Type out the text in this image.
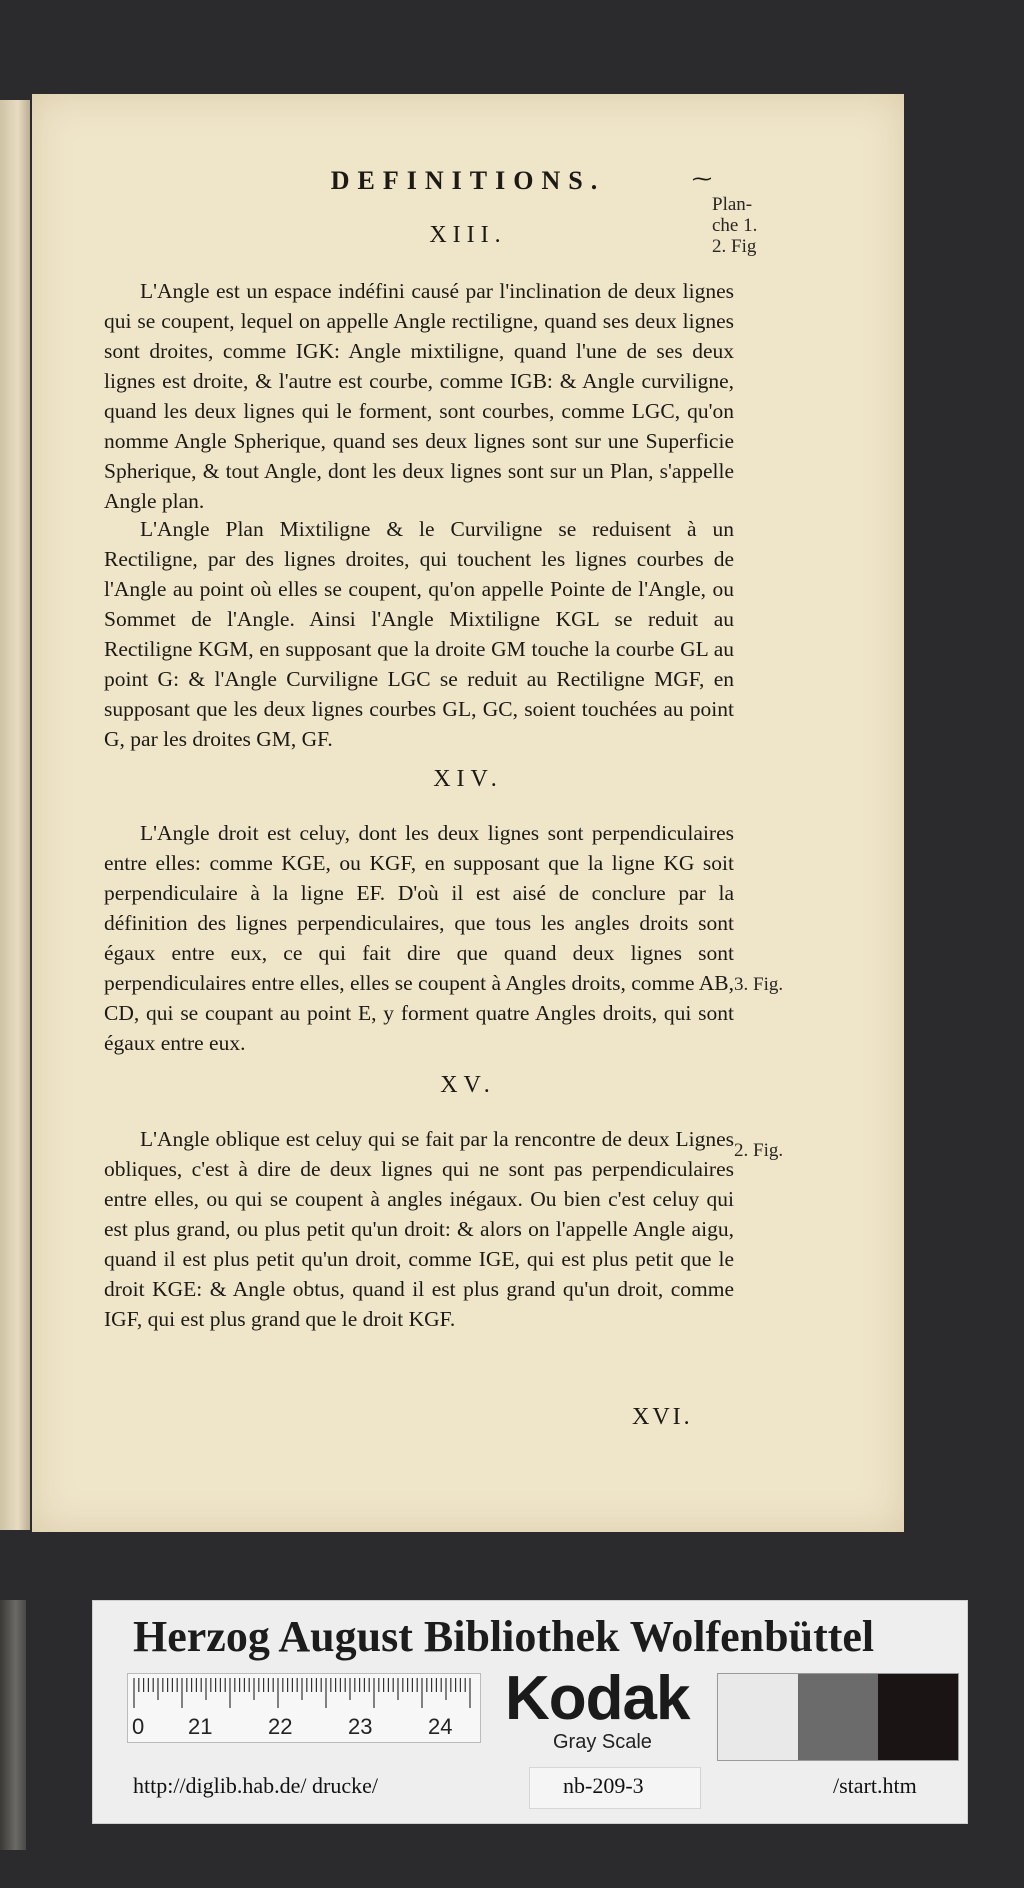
DEFINITIONS.	⁓
Plan-
che 1.
2. Fig
XIII.
L'Angle est un espace indéfini causé par l'inclination de deux lignes qui se coupent, lequel on appelle Angle rectiligne, quand ses deux lignes sont droites, comme IGK: Angle mixtiligne, quand l'une de ses deux lignes est droite, & l'autre est courbe, comme IGB: & Angle curviligne, quand les deux lignes qui le forment, sont courbes, comme LGC, qu'on nomme Angle Spherique, quand ses deux lignes sont sur une Superficie Spherique, & tout Angle, dont les deux lignes sont sur un Plan, s'appelle Angle plan.
L'Angle Plan Mixtiligne & le Curviligne se reduisent à un Rectiligne, par des lignes droites, qui touchent les lignes courbes de l'Angle au point où elles se coupent, qu'on appelle Pointe de l'Angle, ou Sommet de l'Angle. Ainsi l'Angle Mixtiligne KGL se reduit au Rectiligne KGM, en supposant que la droite GM touche la courbe GL au point G: & l'Angle Curviligne LGC se reduit au Rectiligne MGF, en supposant que les deux lignes courbes GL, GC, soient touchées au point G, par les droites GM, GF.
XIV.
L'Angle droit est celuy, dont les deux lignes sont perpendiculaires entre elles: comme KGE, ou KGF, en supposant que la ligne KG soit perpendiculaire à la ligne EF. D'où il est aisé de conclure par la définition des lignes perpendiculaires, que tous les angles droits sont égaux entre eux, ce qui fait dire que quand deux lignes sont perpendiculaires entre elles, elles se coupent à Angles droits, comme AB, CD, qui se coupant au point E, y forment quatre Angles droits, qui sont égaux entre eux.
3. Fig.
XV.
L'Angle oblique est celuy qui se fait par la rencontre de deux Lignes obliques, c'est à dire de deux lignes qui ne sont pas perpendiculaires entre elles, ou qui se coupent à angles inégaux. Ou bien c'est celuy qui est plus grand, ou plus petit qu'un droit: & alors on l'appelle Angle aigu, quand il est plus petit qu'un droit, comme IGE, qui est plus petit que le droit KGE: & Angle obtus, quand il est plus grand qu'un droit, comme IGF, qui est plus grand que le droit KGF.
2. Fig.
XVI.
Herzog August Bibliothek Wolfenbüttel
0 21	22	23	24 Kodak
Gray Scale
http://diglib.hab.de/ drucke/	nb-209-3	/start.htm
